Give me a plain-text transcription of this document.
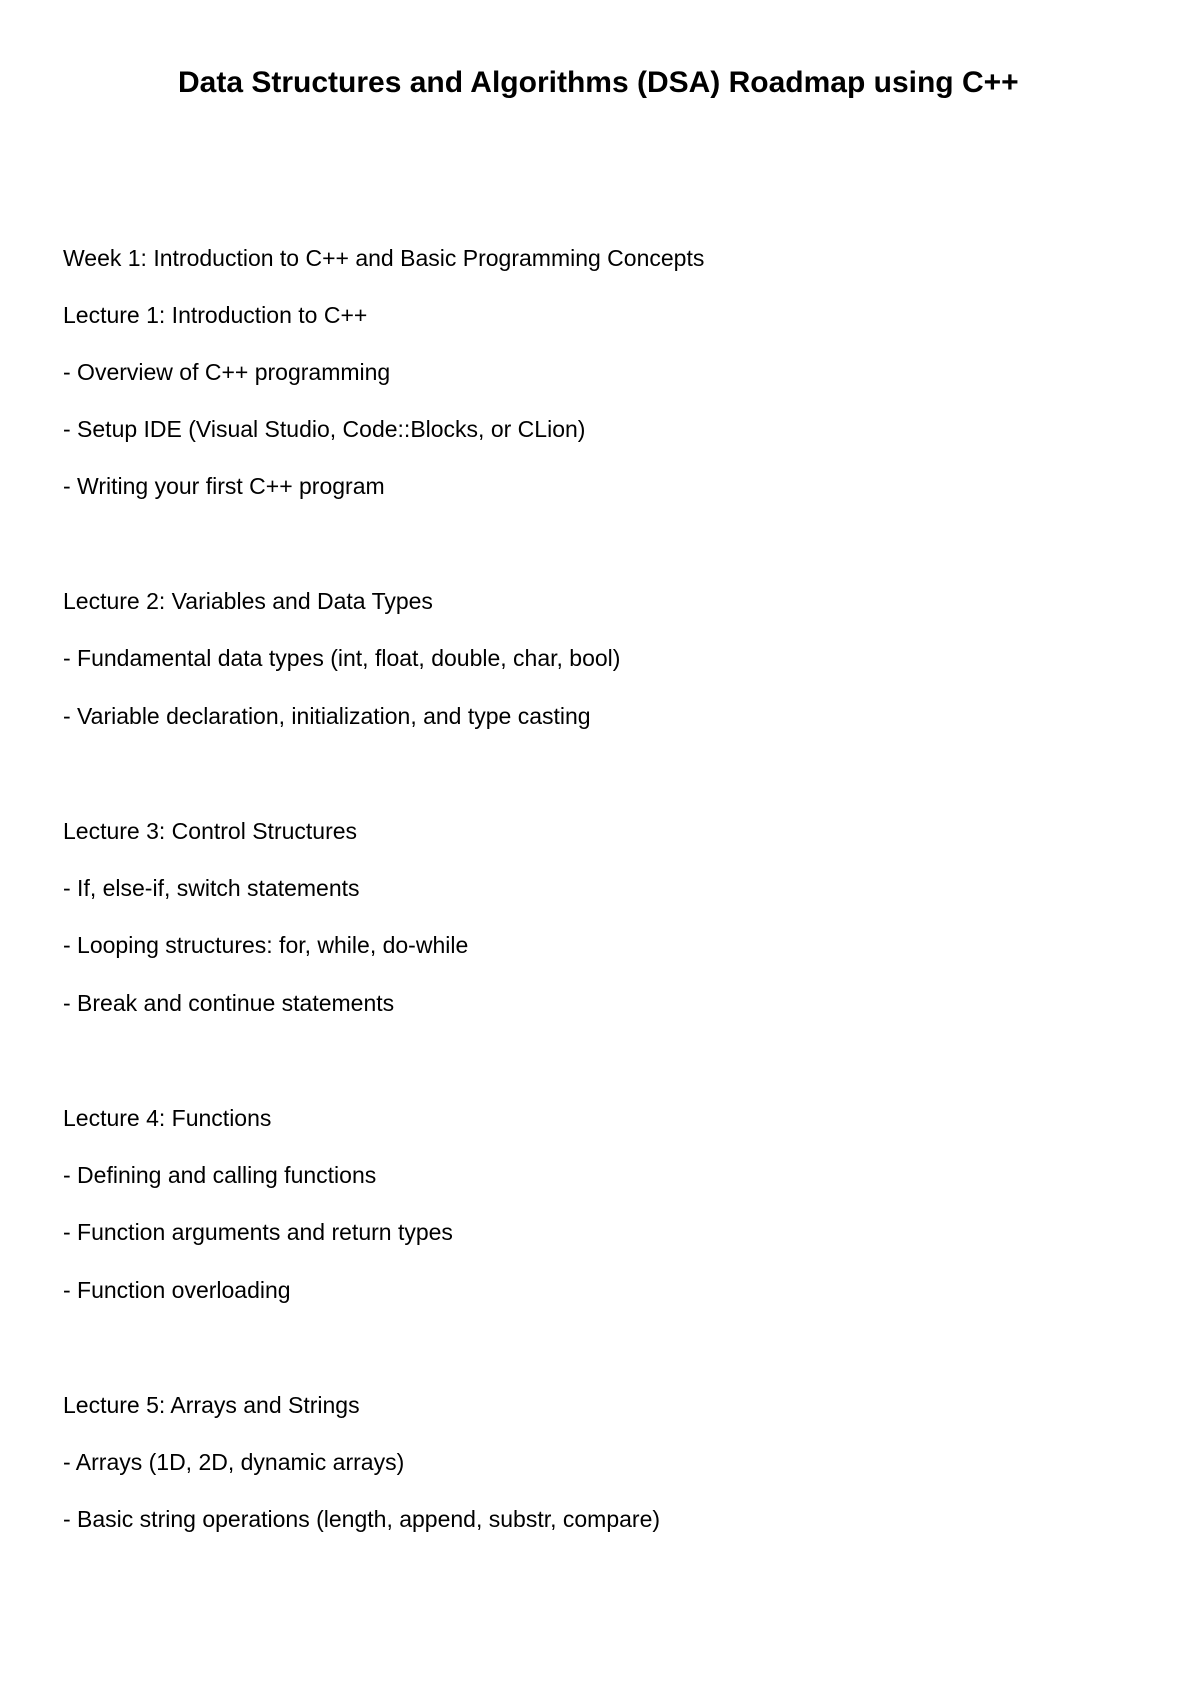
Data Structures and Algorithms (DSA) Roadmap using C++

Week 1: Introduction to C++ and Basic Programming Concepts

Lecture 1: Introduction to C++

- Overview of C++ programming

- Setup IDE (Visual Studio, Code::Blocks, or CLion)

- Writing your first C++ program

Lecture 2: Variables and Data Types

- Fundamental data types (int, float, double, char, bool)

- Variable declaration, initialization, and type casting

Lecture 3: Control Structures

- If, else-if, switch statements

- Looping structures: for, while, do-while

- Break and continue statements

Lecture 4: Functions

- Defining and calling functions

- Function arguments and return types

- Function overloading

Lecture 5: Arrays and Strings

- Arrays (1D, 2D, dynamic arrays)

- Basic string operations (length, append, substr, compare)
